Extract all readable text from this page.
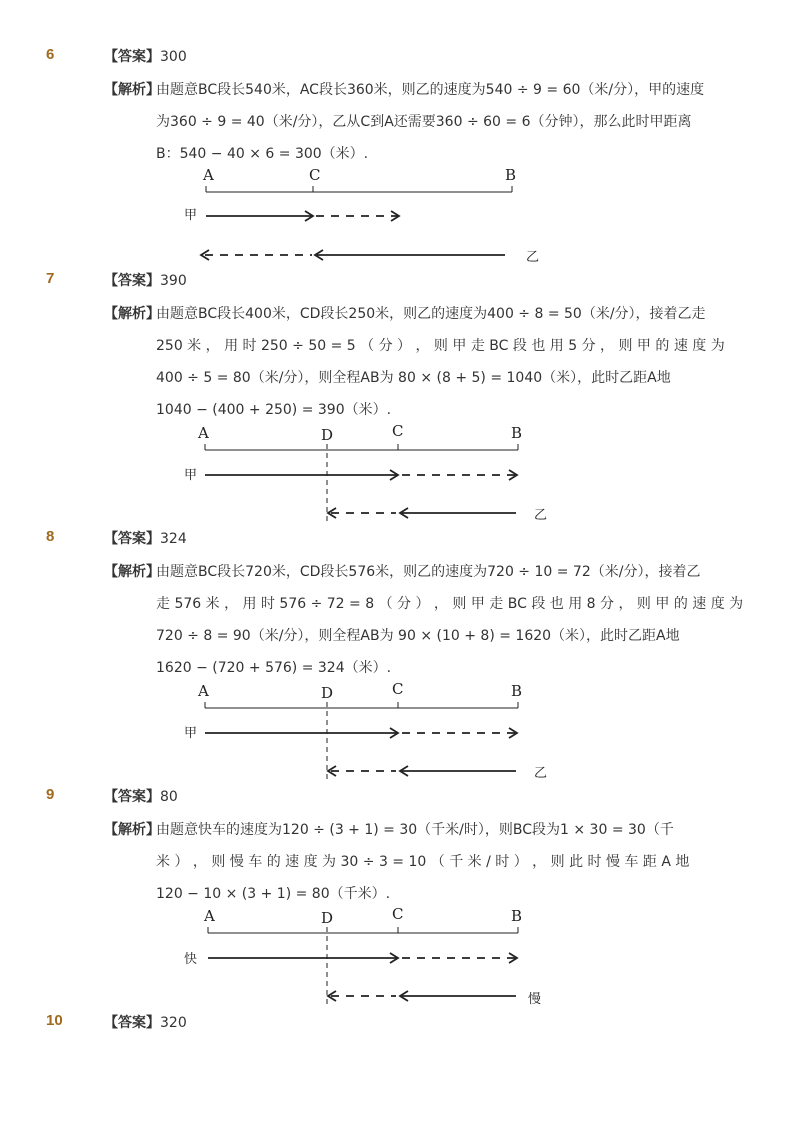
6	【答案】300
【解析】
由题意BC段长540米，AC段长360米，则乙的速度为540 ÷ 9 = 60（米/分），甲的速度
为360 ÷ 9 = 40（米/分），乙从C到A还需要360 ÷ 60 = 6（分钟），那么此时甲距离
B：540 − 40 × 6 = 300（米）.
A	C	B
甲
乙
7	【答案】390
【解析】
由题意BC段长400米，CD段长250米，则乙的速度为400 ÷ 8 = 50（米/分），接着乙走
250 米 ， 用 时 250 ÷ 50 = 5 （ 分 ） ， 则 甲 走 BC 段 也 用 5 分 ， 则 甲 的 速 度 为
400 ÷ 5 = 80（米/分），则全程AB为 80 × (8 + 5) = 1040（米），此时乙距A地
1040 − (400 + 250) = 390（米）.
A	D	C	B
甲
乙
8	【答案】324
【解析】
由题意BC段长720米，CD段长576米，则乙的速度为720 ÷ 10 = 72（米/分），接着乙
走 576 米 ， 用 时 576 ÷ 72 = 8 （ 分 ） ， 则 甲 走 BC 段 也 用 8 分 ， 则 甲 的 速 度 为
720 ÷ 8 = 90（米/分），则全程AB为 90 × (10 + 8) = 1620（米），此时乙距A地
1620 − (720 + 576) = 324（米）.
A	D	C	B
甲
乙
9	【答案】80
【解析】
由题意快车的速度为120 ÷ (3 + 1) = 30（千米/时），则BC段为1 × 30 = 30（千
米 ） ， 则 慢 车 的 速 度 为 30 ÷ 3 = 10 （ 千 米 / 时 ） ， 则 此 时 慢 车 距 A 地
120 − 10 × (3 + 1) = 80（千米）.
A	D	C	B
快
慢
10	【答案】320
